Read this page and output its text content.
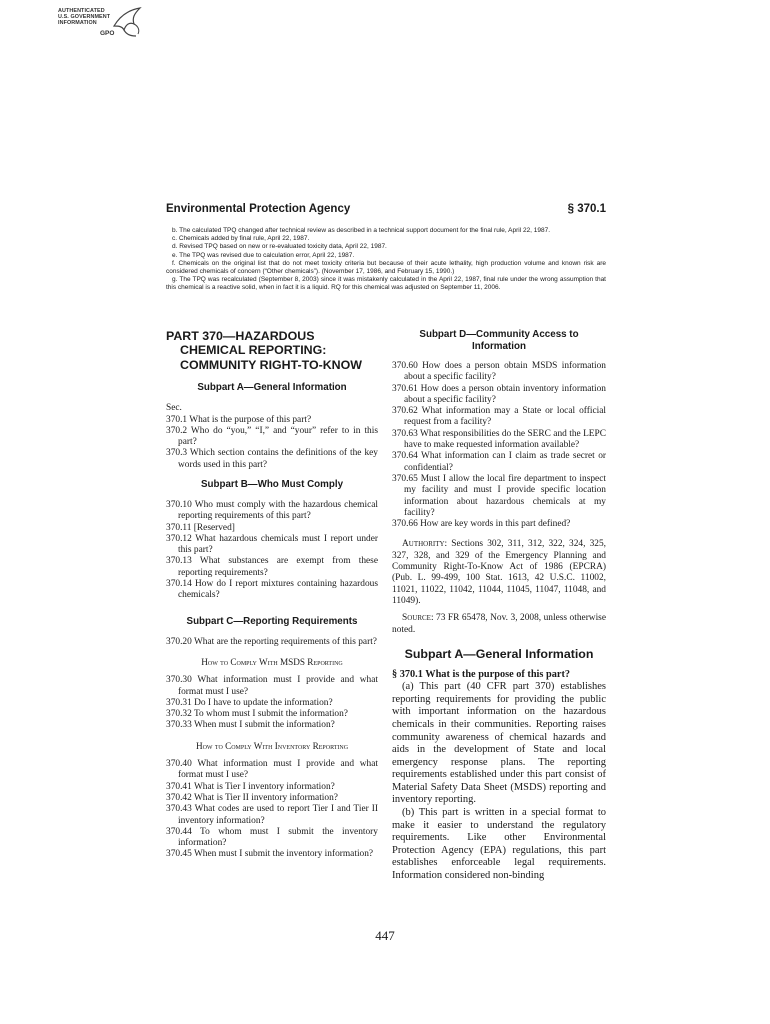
AUTHENTICATED
U.S. GOVERNMENT
INFORMATION
GPO
Environmental Protection Agency	§ 370.1

b. The calculated TPQ changed after technical review as described in a technical support document for the final rule, April 22, 1987.

c. Chemicals added by final rule, April 22, 1987.

d. Revised TPQ based on new or re-evaluated toxicity data, April 22, 1987.

e. The TPQ was revised due to calculation error, April 22, 1987.

f. Chemicals on the original list that do not meet toxicity criteria but because of their acute lethality, high production volume and known risk are considered chemicals of concern (“Other chemicals”). (November 17, 1986, and February 15, 1990.)

g. The TPQ was recalculated (September 8, 2003) since it was mistakenly calculated in the April 22, 1987, final rule under the wrong assumption that this chemical is a reactive solid, when in fact it is a liquid. RQ for this chemical was adjusted on September 11, 2006.

PART 370—HAZARDOUS CHEMICAL REPORTING: COMMUNITY RIGHT-TO-KNOW
Subpart A—General Information
Sec.
370.1 What is the purpose of this part?
370.2 Who do “you,” “I,” and “your” refer to in this part?
370.3 Which section contains the definitions of the key words used in this part?
Subpart B—Who Must Comply
370.10 Who must comply with the hazardous chemical reporting requirements of this part?
370.11 [Reserved]
370.12 What hazardous chemicals must I report under this part?
370.13 What substances are exempt from these reporting requirements?
370.14 How do I report mixtures containing hazardous chemicals?
Subpart C—Reporting Requirements
370.20 What are the reporting requirements of this part?
How to Comply With MSDS Reporting
370.30 What information must I provide and what format must I use?
370.31 Do I have to update the information?
370.32 To whom must I submit the information?
370.33 When must I submit the information?
How to Comply With Inventory Reporting
370.40 What information must I provide and what format must I use?
370.41 What is Tier I inventory information?
370.42 What is Tier II inventory information?
370.43 What codes are used to report Tier I and Tier II inventory information?
370.44 To whom must I submit the inventory information?
370.45 When must I submit the inventory information?
Subpart D—Community Access to Information
370.60 How does a person obtain MSDS information about a specific facility?
370.61 How does a person obtain inventory information about a specific facility?
370.62 What information may a State or local official request from a facility?
370.63 What responsibilities do the SERC and the LEPC have to make requested information available?
370.64 What information can I claim as trade secret or confidential?
370.65 Must I allow the local fire department to inspect my facility and must I provide specific location information about hazardous chemicals at my facility?
370.66 How are key words in this part defined?

Authority: Sections 302, 311, 312, 322, 324, 325, 327, 328, and 329 of the Emergency Planning and Community Right-To-Know Act of 1986 (EPCRA) (Pub. L. 99-499, 100 Stat. 1613, 42 U.S.C. 11002, 11021, 11022, 11042, 11044, 11045, 11047, 11048, and 11049).

Source: 73 FR 65478, Nov. 3, 2008, unless otherwise noted.

Subpart A—General Information
§ 370.1 What is the purpose of this part?

(a) This part (40 CFR part 370) establishes reporting requirements for providing the public with important information on the hazardous chemicals in their communities. Reporting raises community awareness of chemical hazards and aids in the development of State and local emergency response plans. The reporting requirements established under this part consist of Material Safety Data Sheet (MSDS) reporting and inventory reporting.

(b) This part is written in a special format to make it easier to understand the regulatory requirements. Like other Environmental Protection Agency (EPA) regulations, this part establishes enforceable legal requirements. Information considered non-binding

447
